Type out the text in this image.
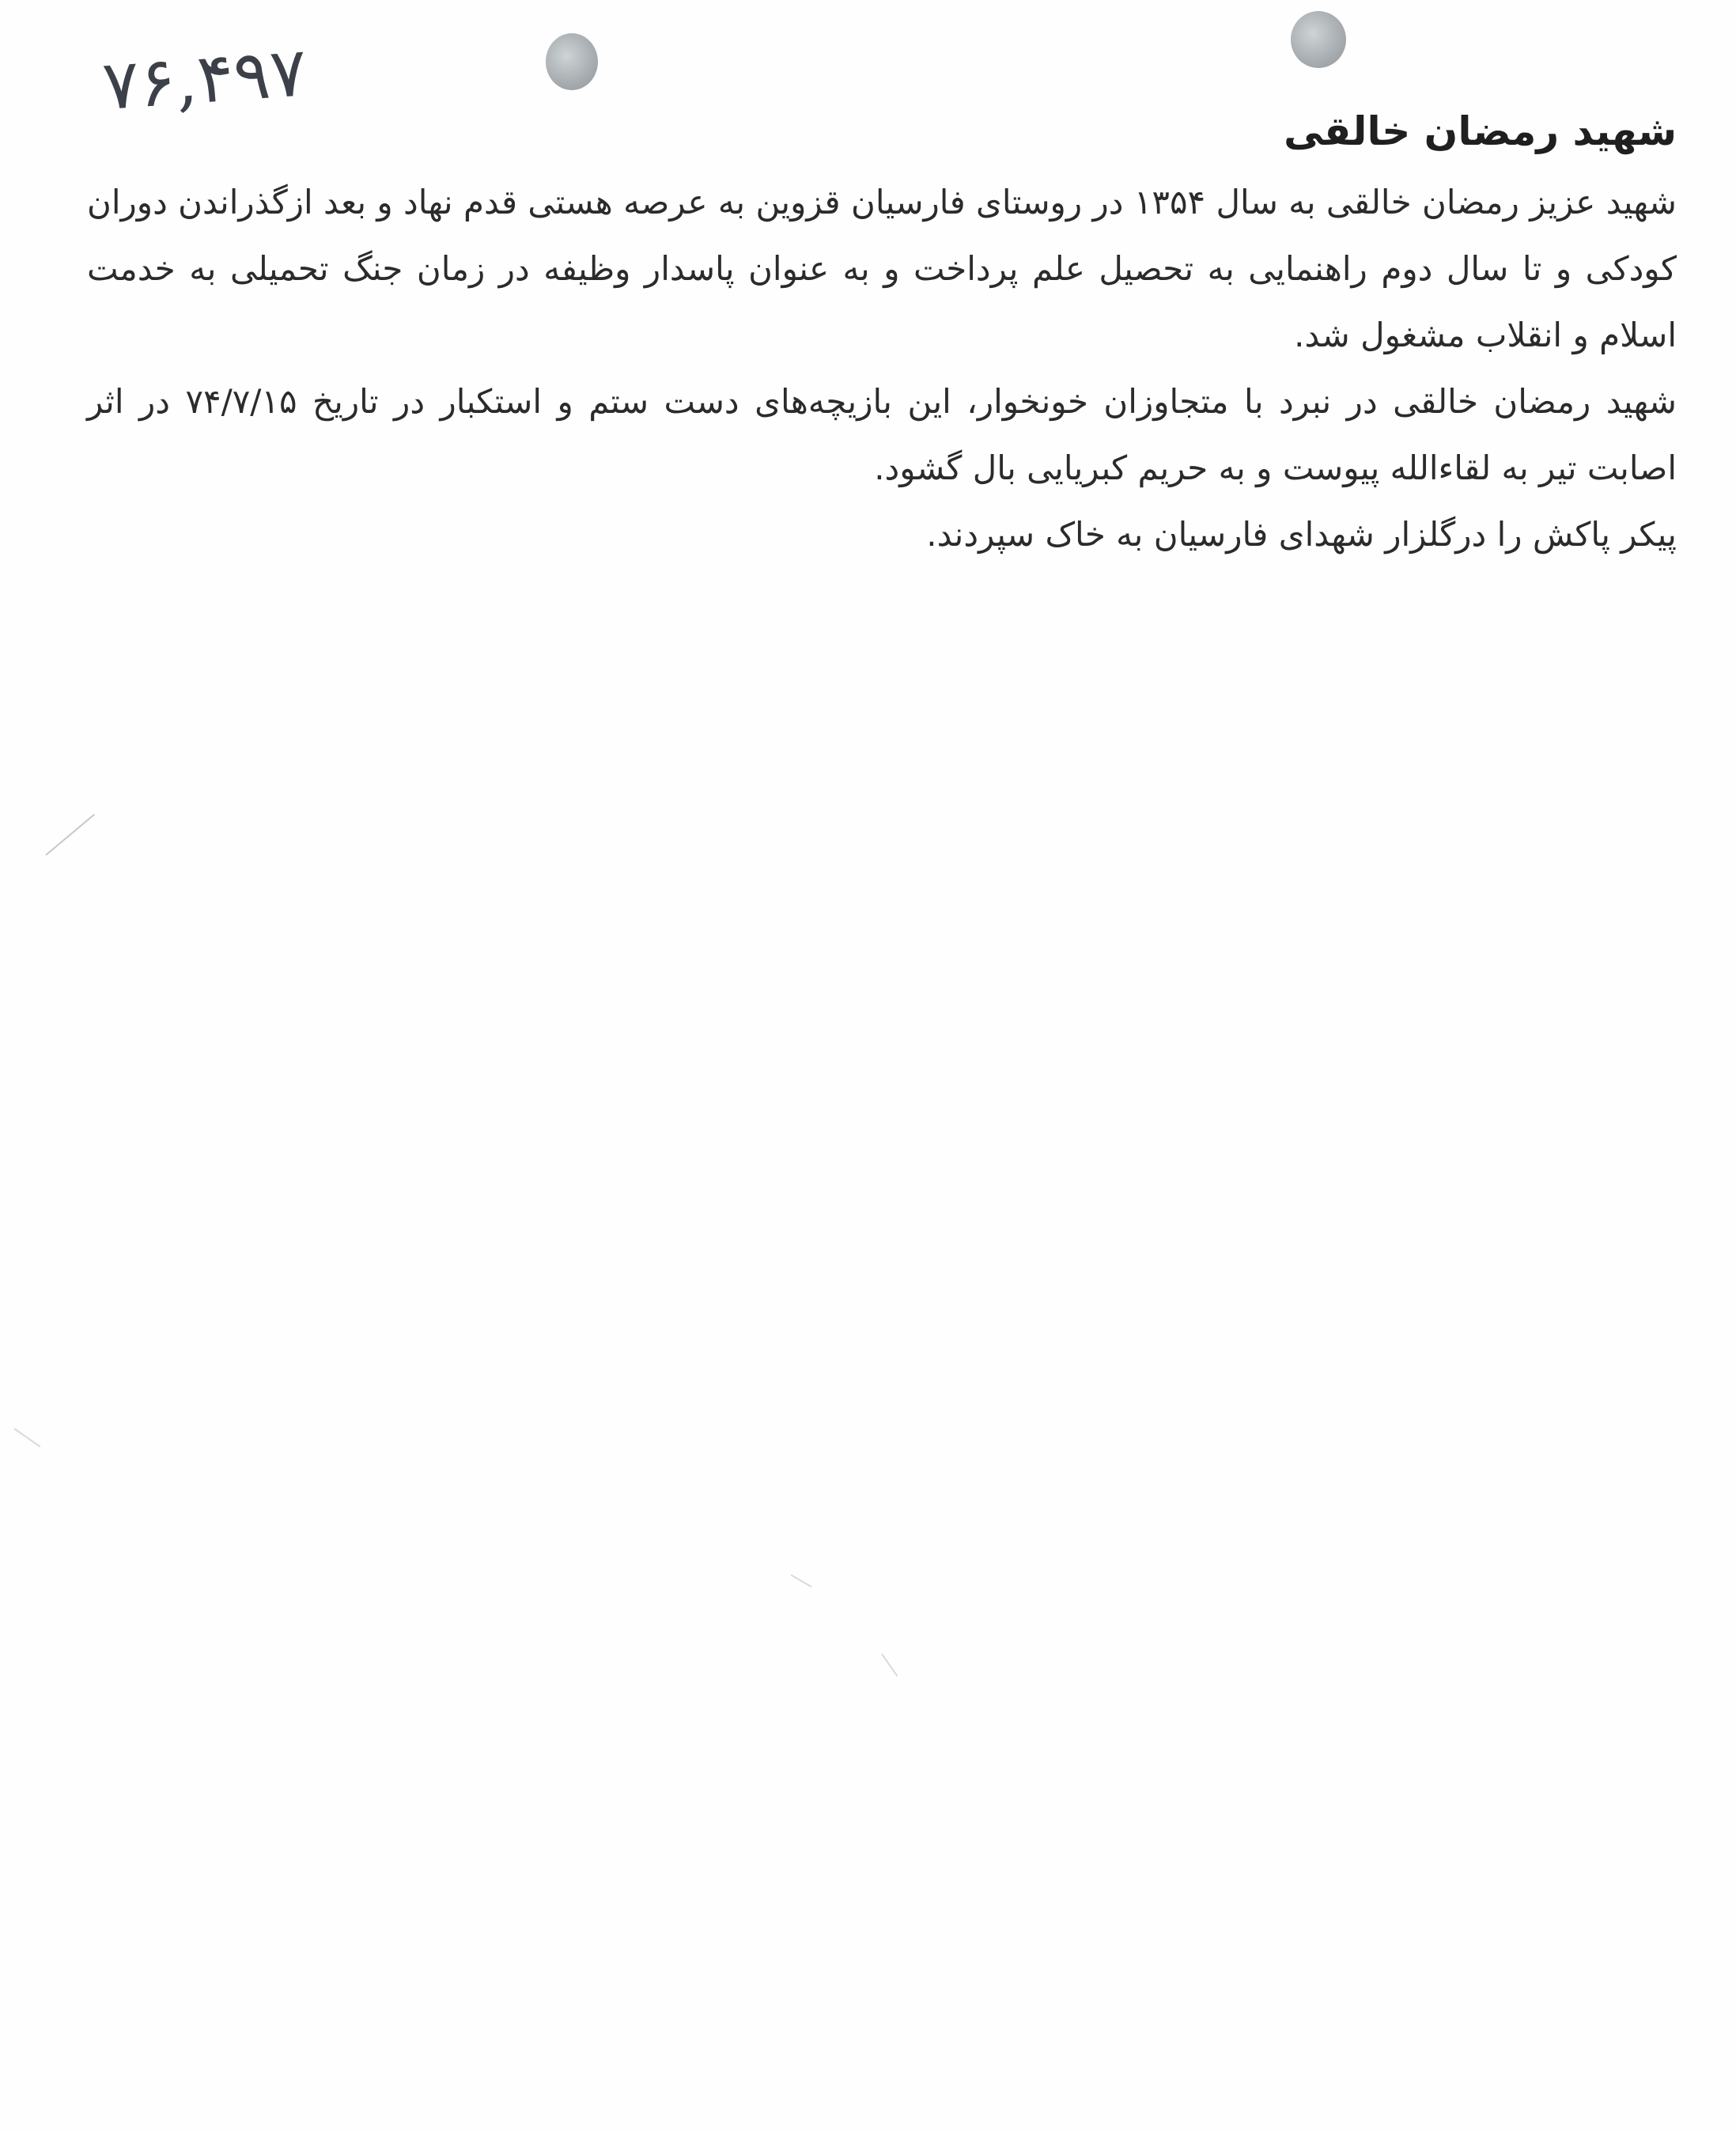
۷۶,۴۹۷
شهید رمضان خالقی

شهید عزیز رمضان خالقی به سال ۱۳۵۴ در روستای فارسیان قزوین به عرصه هستی قدم نهاد و بعد ازگذراندن دوران کودکی و تا سال دوم راهنمایی به تحصیل علم پرداخت و به عنوان پاسدار وظیفه در زمان جنگ تحمیلی به خدمت اسلام و انقلاب مشغول شد.

شهید رمضان خالقی در نبرد با متجاوزان خونخوار، این بازیچه‌های دست ستم و استکبار در تاریخ ۷۴/۷/۱۵ در اثر اصابت تیر به لقاءالله پیوست و به حریم کبریایی بال گشود.

پیکر پاکش را درگلزار شهدای فارسیان به خاک سپردند.
